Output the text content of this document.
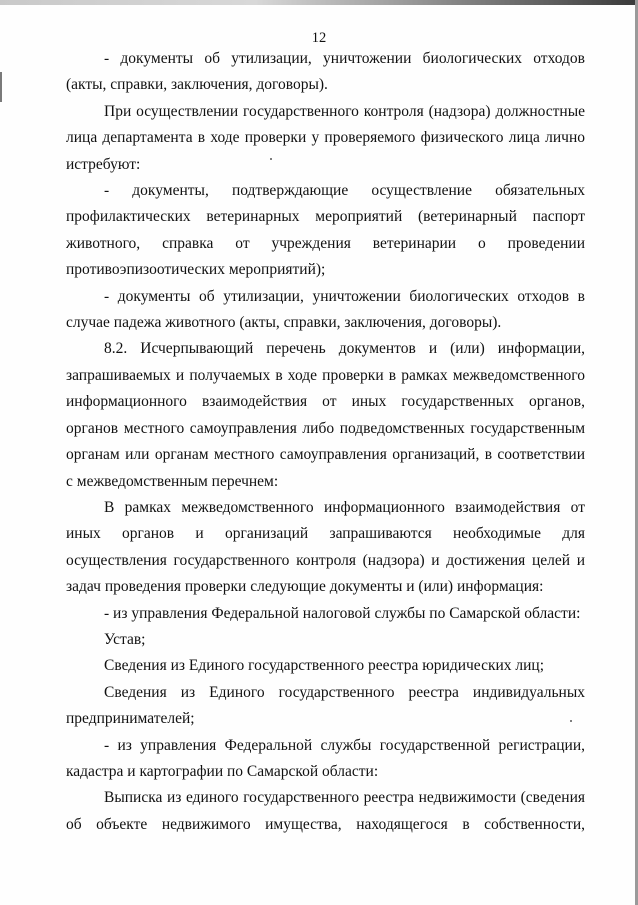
12

- документы об утилизации, уничтожении биологических отходов (акты, справки, заключения, договоры).

При осуществлении государственного контроля (надзора) должностные лица департамента в ходе проверки у проверяемого физического лица лично истребуют:

- документы, подтверждающие осуществление обязательных профилактических ветеринарных мероприятий (ветеринарный паспорт животного, справка от учреждения ветеринарии о проведении противоэпизоотических мероприятий);

- документы об утилизации, уничтожении биологических отходов в случае падежа животного (акты, справки, заключения, договоры).

8.2. Исчерпывающий перечень документов и (или) информации, запрашиваемых и получаемых в ходе проверки в рамках межведомственного информационного взаимодействия от иных государственных органов, органов местного самоуправления либо подведомственных государственным органам или органам местного самоуправления организаций, в соответствии с межведомственным перечнем:

В рамках межведомственного информационного взаимодействия от иных органов и организаций запрашиваются необходимые для осуществления государственного контроля (надзора) и достижения целей и задач проведения проверки следующие документы и (или) информация:

- из управления Федеральной налоговой службы по Самарской области:

Устав;

Сведения из Единого государственного реестра юридических лиц;

Сведения из Единого государственного реестра индивидуальных предпринимателей;

- из управления Федеральной службы государственной регистрации, кадастра и картографии по Самарской области:

Выписка из единого государственного реестра недвижимости (сведения об объекте недвижимого имущества, находящегося в собственности,
